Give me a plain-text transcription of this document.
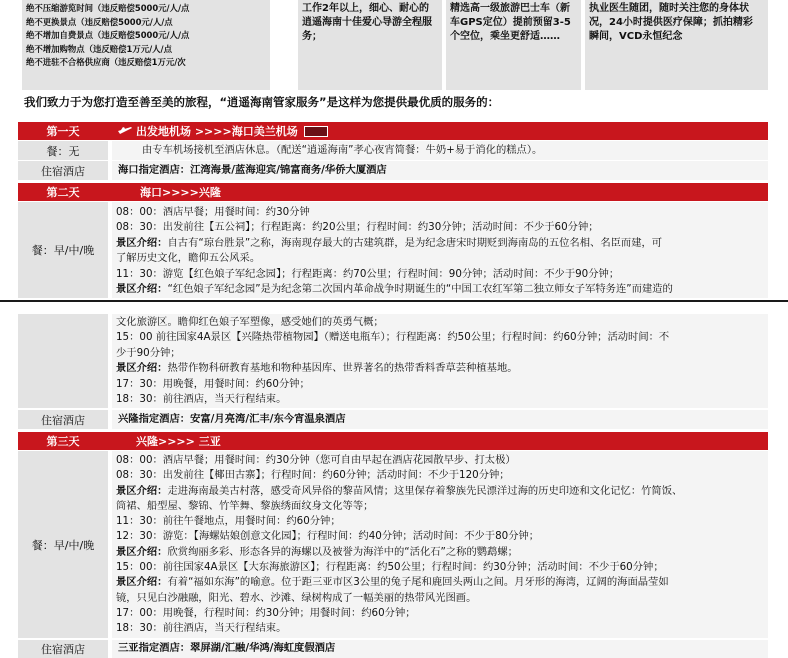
绝不压缩游览时间（违反赔偿5000元/人/点
绝不更换景点（违反赔偿5000元/人/点
绝不增加自费景点（违反赔偿5000元/人/点
绝不增加购物点（违反赔偿1万元/人/点
绝不进驻不合格供应商（违反赔偿1万元/次
工作2年以上，细心、耐心的逍遥海南十佳爱心导游全程服务；
精选高一级旅游巴士车（新车GPS定位）提前预留3-5个空位，乘坐更舒适……
执业医生随团，随时关注您的身体状况，24小时提供医疗保障；抓拍精彩瞬间，VCD永恒纪念
我们致力于为您打造至善至美的旅程，“逍遥海南管家服务”是这样为您提供最优质的服务的：
第一天	出发地机场 >>>>海口美兰机场
餐：无	由专车机场接机至酒店休息。（配送“逍遥海南”孝心夜宵简餐：牛奶+易于消化的糕点）。
住宿酒店	海口指定酒店：江湾海景/蓝海迎宾/锦富商务/华侨大厦酒店
第二天	海口>>>>兴隆
餐：早/中/晚
08：00：酒店早餐；用餐时间：约30分钟
08：30：出发前往【五公祠】；行程距离：约20公里；行程时间：约30分钟；活动时间：不少于60分钟；
景区介绍：自古有“琼台胜景”之称，海南现存最大的古建筑群，是为纪念唐宋时期贬到海南岛的五位名相、名臣而建，可
了解历史文化，瞻仰五公风采。
11：30：游览【红色娘子军纪念园】；行程距离：约70公里；行程时间：90分钟；活动时间：不少于90分钟；
景区介绍：“红色娘子军纪念园”是为纪念第二次国内革命战争时期诞生的“中国工农红军第二独立师女子军特务连”而建造的
文化旅游区。瞻仰红色娘子军塑像，感受她们的英勇气概；
15：00 前往国家4A景区【兴隆热带植物园】（赠送电瓶车）；行程距离：约50公里；行程时间：约60分钟；活动时间：不
少于90分钟；
景区介绍：热带作物科研教育基地和物种基因库、世界著名的热带香料香草芸种植基地。
17：30：用晚餐，用餐时间：约60分钟；
18：30：前往酒店，当天行程结束。
住宿酒店	兴隆指定酒店：安富/月亮湾/汇丰/东今宵温泉酒店
第三天	兴隆>>>> 三亚
餐：早/中/晚
08：00：酒店早餐；用餐时间：约30分钟（您可自由早起在酒店花园散早步、打太极）
08：30：出发前往【椰田古寨】；行程时间：约60分钟；活动时间：不少于120分钟；
景区介绍：走进海南最美古村落，感受奇风异俗的黎苗风情；这里保存着黎族先民漂洋过海的历史印迹和文化记忆：竹简饭、
筒裙、船型屋、黎锦、竹竿舞、黎族绣面纹身文化等等；
11：30：前往午餐地点，用餐时间：约60分钟；
12：30：游览：【海螺姑娘创意文化园】；行程时间：约40分钟；活动时间：不少于80分钟；
景区介绍：欣赏绚丽多彩、形态各异的海螺以及被誉为海洋中的“活化石”之称的鹦鹉螺；
15：00：前往国家4A景区【大东海旅游区】；行程距离：约50公里；行程时间：约30分钟；活动时间：不少于60分钟；
景区介绍：有着“福如东海”的喻意。位于距三亚市区3公里的兔子尾和鹿回头两山之间。月牙形的海湾，辽阔的海面晶莹如
镜，只见白沙融融，阳光、碧水、沙滩、绿树构成了一幅美丽的热带风光图画。
17：00：用晚餐，行程时间：约30分钟；用餐时间：约60分钟；
18：30：前往酒店，当天行程结束。
住宿酒店	三亚指定酒店：翠屏湖/汇融/华鸿/海虹度假酒店
